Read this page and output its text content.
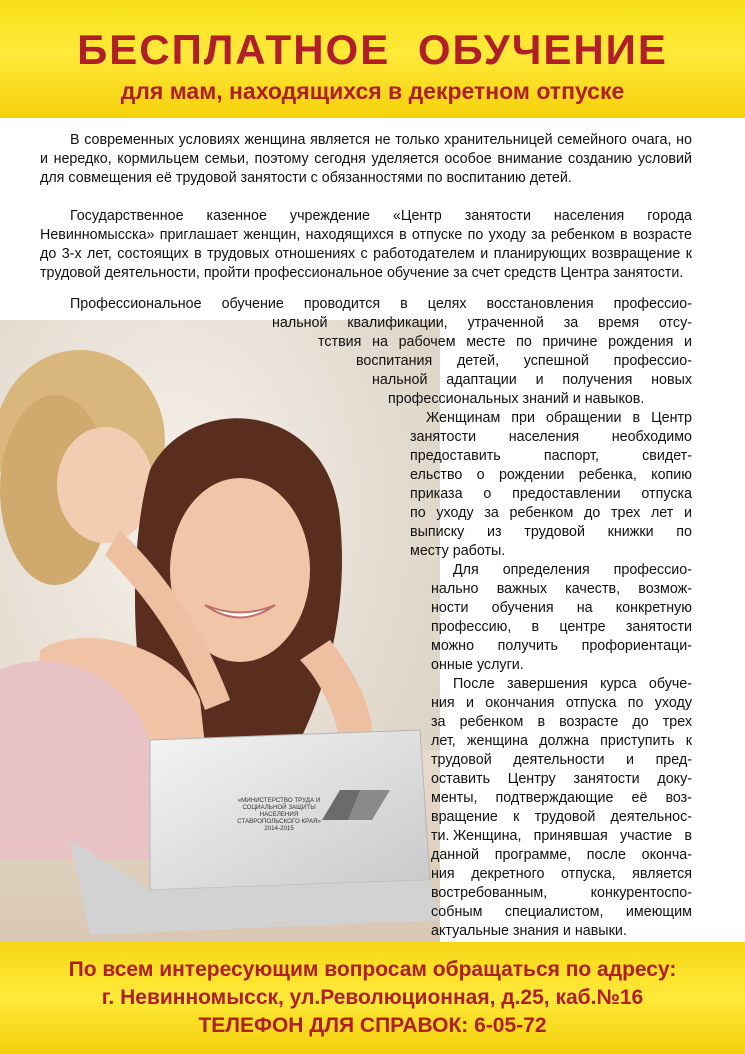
БЕСПЛАТНОЕ ОБУЧЕНИЕ
для мам, находящихся в декретном отпуске
«МИНИСТЕРСТВО ТРУДА И
СОЦИАЛЬНОЙ ЗАЩИТЫ
НАСЕЛЕНИЯ
СТАВРОПОЛЬСКОГО КРАЯ»
2014-2015
В современных условиях женщина является не только хранительницей семейного очага, но и нередко, кормильцем семьи, поэтому сегодня уделяется особое внимание созданию условий для совмещения её трудовой занятости с обязанностями по воспитанию детей.
Государственное казенное учреждение «Центр занятости населения города Невинномысска» приглашает женщин, находящихся в отпуске по уходу за ребенком в возрасте до 3-х лет, состоящих в трудовых отношениях с работодателем и планирующих возвращение к трудовой деятельности, пройти профессиональное обучение за счет средств Центра занятости.
Профессиональное обучение проводится в целях восстановления профессио-
нальной квалификации, утраченной за время отсу-
тствия на рабочем месте по причине рождения и
воспитания детей, успешной профессио-
нальной адаптации и получения новых
профессиональных знаний и навыков.
Женщинам при обращении в Центр
занятости населения необходимо
предоставить паспорт, свидет-
ельство о рождении ребенка, копию
приказа о предоставлении отпуска
по уходу за ребенком до трех лет и
выписку из трудовой книжки по
месту работы.
Для определения профессио-
нально важных качеств, возмож-
ности обучения на конкретную
профессию, в центре занятости
можно получить профориентаци-
онные услуги.
После завершения курса обуче-
ния и окончания отпуска по уходу
за ребенком в возрасте до трех
лет, женщина должна приступить к
трудовой деятельности и пред-
оставить Центру занятости доку-
менты, подтверждающие её воз-
вращение к трудовой деятельнос-
ти. Женщина, принявшая участие в
данной программе, после оконча-
ния декретного отпуска, является
востребованным, конкурентоспо-
собным специалистом, имеющим
актуальные знания и навыки.
По всем интересующим вопросам обращаться по адресу:
г. Невинномысск, ул.Революционная, д.25, каб.№16
ТЕЛЕФОН ДЛЯ СПРАВОК: 6-05-72
